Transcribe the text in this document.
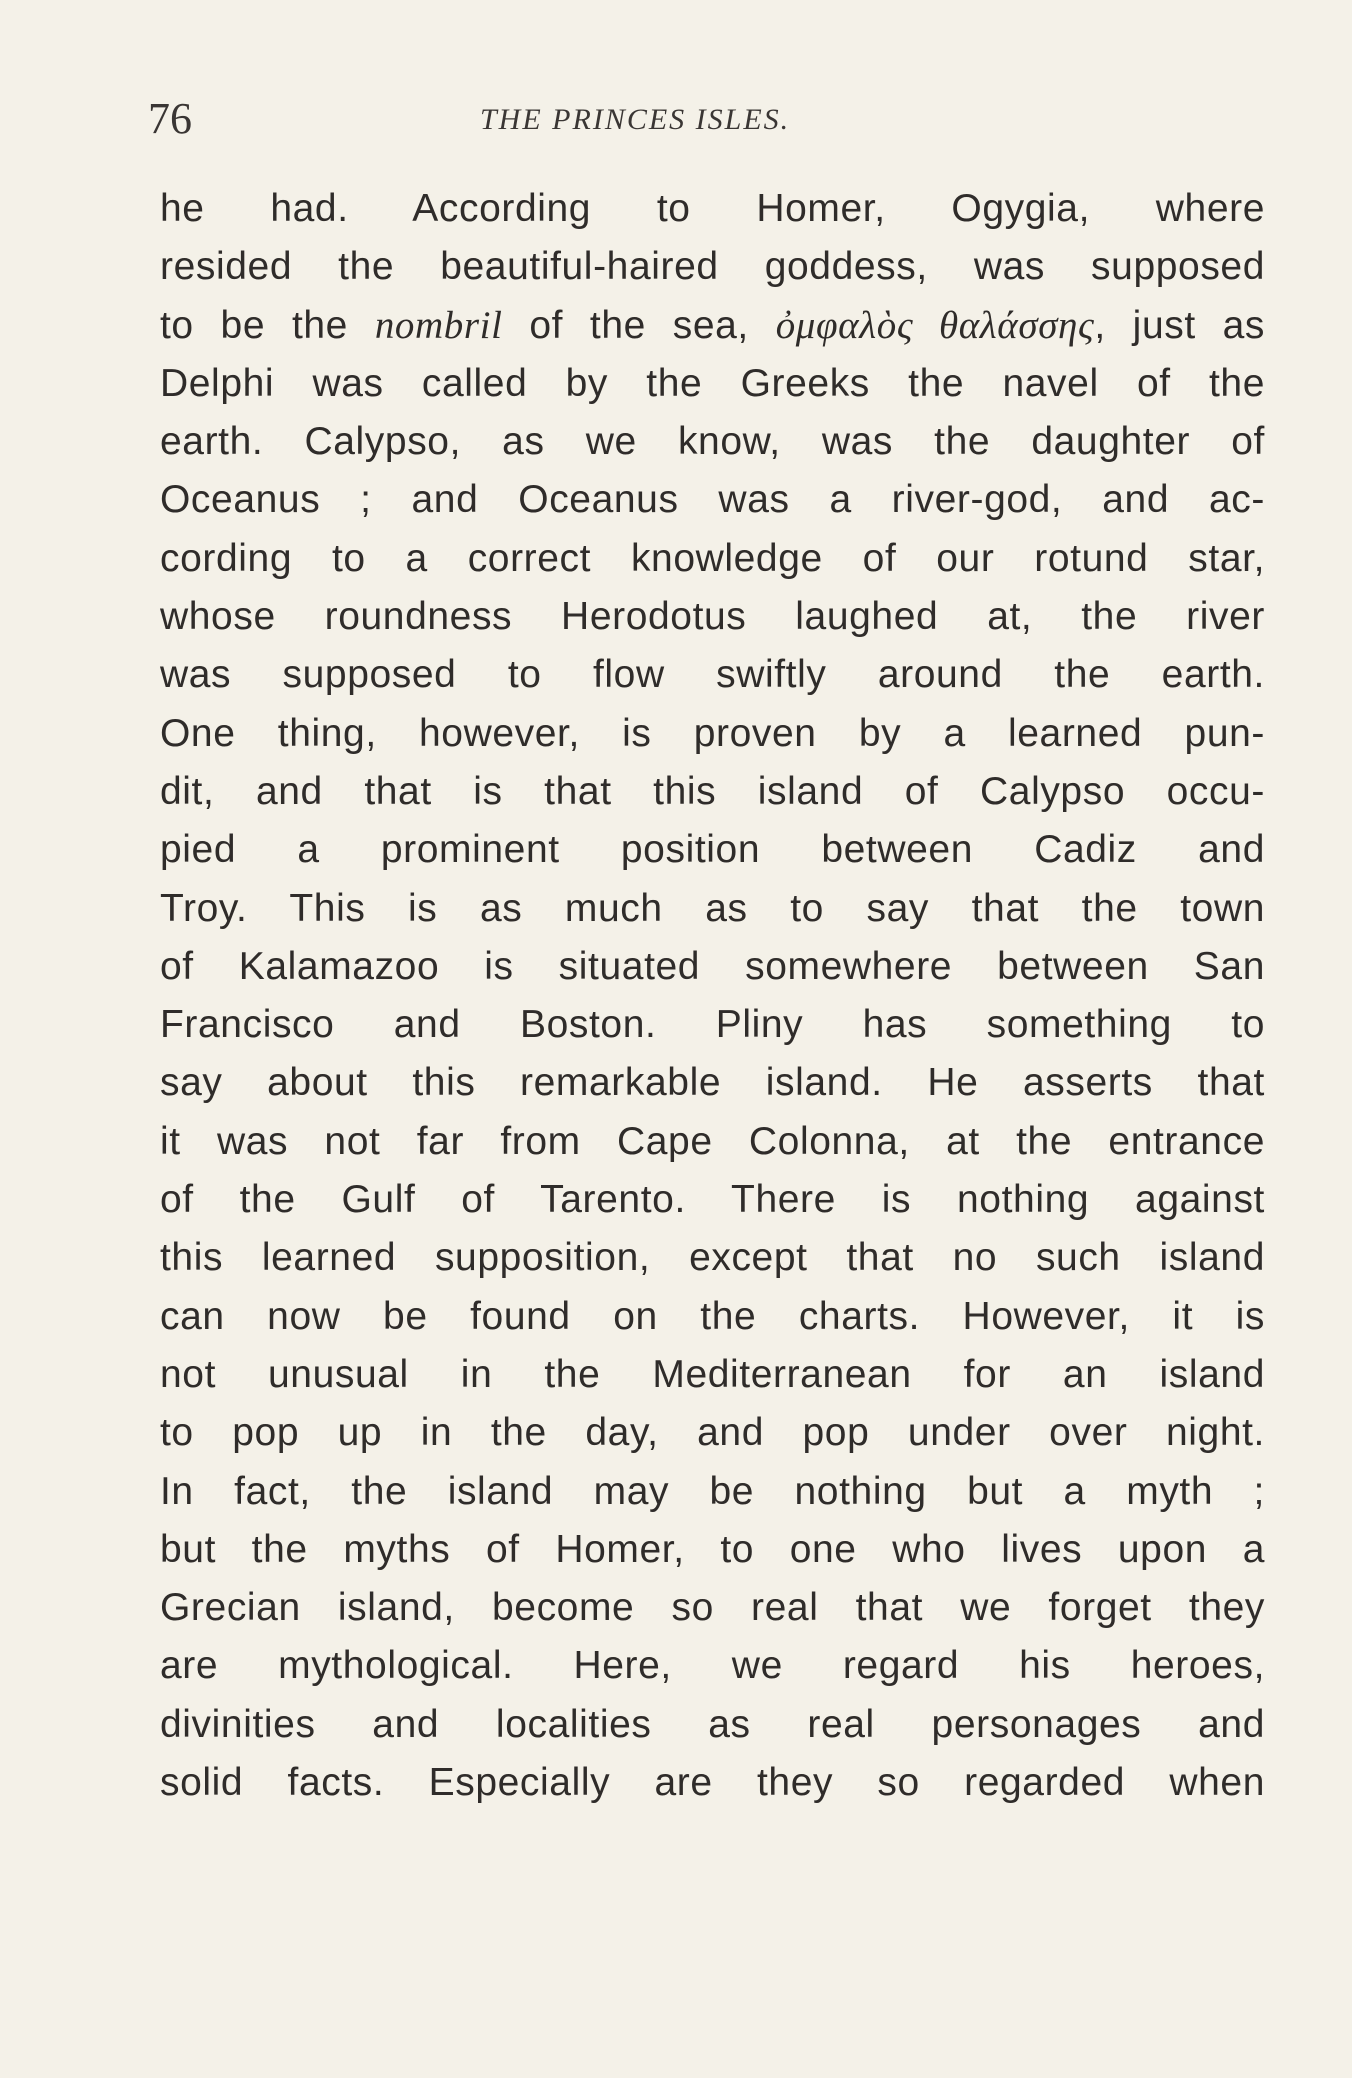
76	THE PRINCES ISLES.
he had. According to Homer, Ogygia, where
resided the beautiful-haired goddess, was supposed
to be the nombril of the sea, ὀμφαλὸς θαλάσσης, just as
Delphi was called by the Greeks the navel of the
earth. Calypso, as we know, was the daughter of
Oceanus ; and Oceanus was a river-god, and ac-
cording to a correct knowledge of our rotund star,
whose roundness Herodotus laughed at, the river
was supposed to flow swiftly around the earth.
One thing, however, is proven by a learned pun-
dit, and that is that this island of Calypso occu-
pied a prominent position between Cadiz and
Troy. This is as much as to say that the town
of Kalamazoo is situated somewhere between San
Francisco and Boston. Pliny has something to
say about this remarkable island. He asserts that
it was not far from Cape Colonna, at the entrance
of the Gulf of Tarento. There is nothing against
this learned supposition, except that no such island
can now be found on the charts. However, it is
not unusual in the Mediterranean for an island
to pop up in the day, and pop under over night.
In fact, the island may be nothing but a myth ;
but the myths of Homer, to one who lives upon a
Grecian island, become so real that we forget they
are mythological. Here, we regard his heroes,
divinities and localities as real personages and
solid facts. Especially are they so regarded when
